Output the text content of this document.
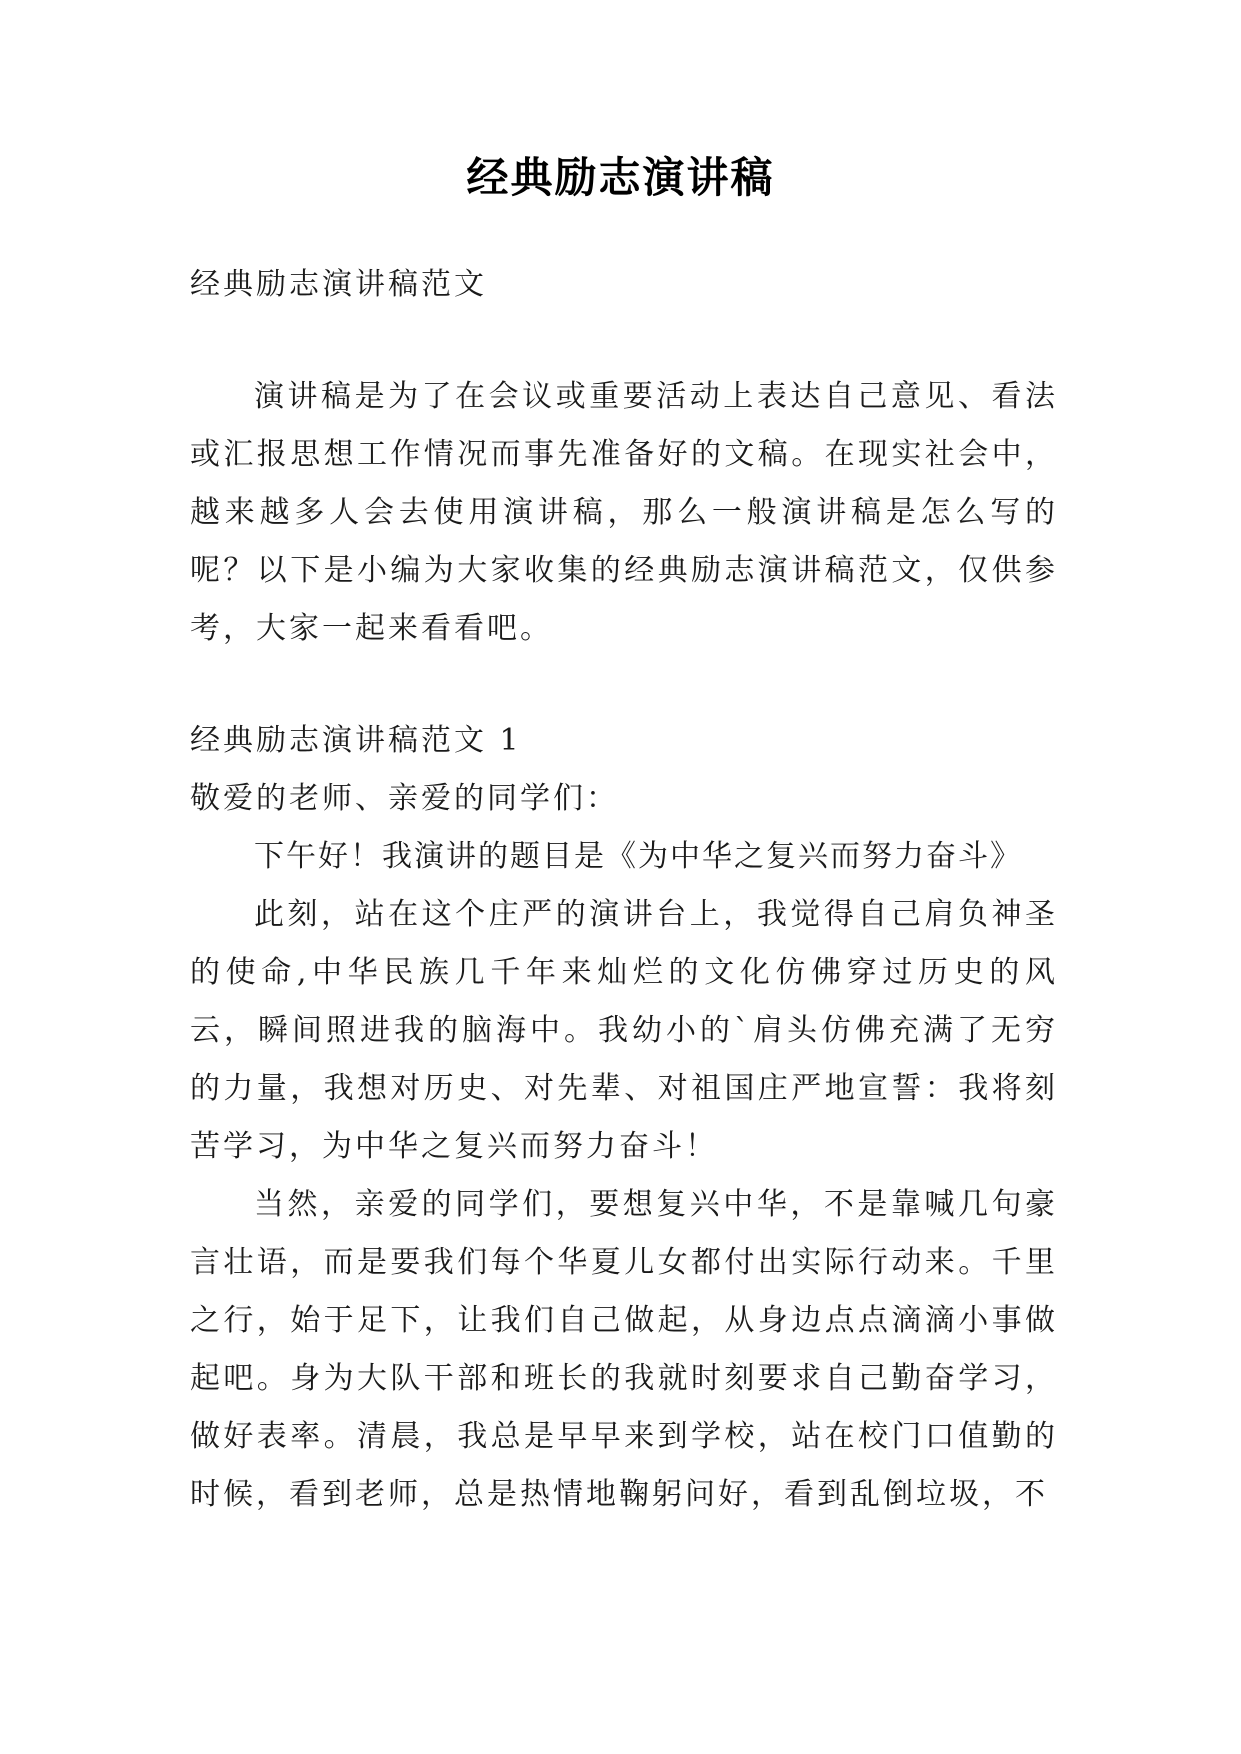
经典励志演讲稿

经典励志演讲稿范文

演讲稿是为了在会议或重要活动上表达自己意见、看法或汇报思想工作情况而事先准备好的文稿。在现实社会中，越来越多人会去使用演讲稿，那么一般演讲稿是怎么写的呢？以下是小编为大家收集的经典励志演讲稿范文，仅供参考，大家一起来看看吧。

经典励志演讲稿范文 1

敬爱的老师、亲爱的同学们：

下午好！我演讲的题目是《为中华之复兴而努力奋斗》

此刻，站在这个庄严的演讲台上，我觉得自己肩负神圣的使命,中华民族几千年来灿烂的文化仿佛穿过历史的风云，瞬间照进我的脑海中。我幼小的`肩头仿佛充满了无穷的力量，我想对历史、对先辈、对祖国庄严地宣誓：我将刻苦学习，为中华之复兴而努力奋斗！

当然，亲爱的同学们，要想复兴中华，不是靠喊几句豪言壮语，而是要我们每个华夏儿女都付出实际行动来。千里之行，始于足下，让我们自己做起，从身边点点滴滴小事做起吧。身为大队干部和班长的我就时刻要求自己勤奋学习，做好表率。清晨，我总是早早来到学校，站在校门口值勤的时候，看到老师，总是热情地鞠躬问好，看到乱倒垃圾，不
